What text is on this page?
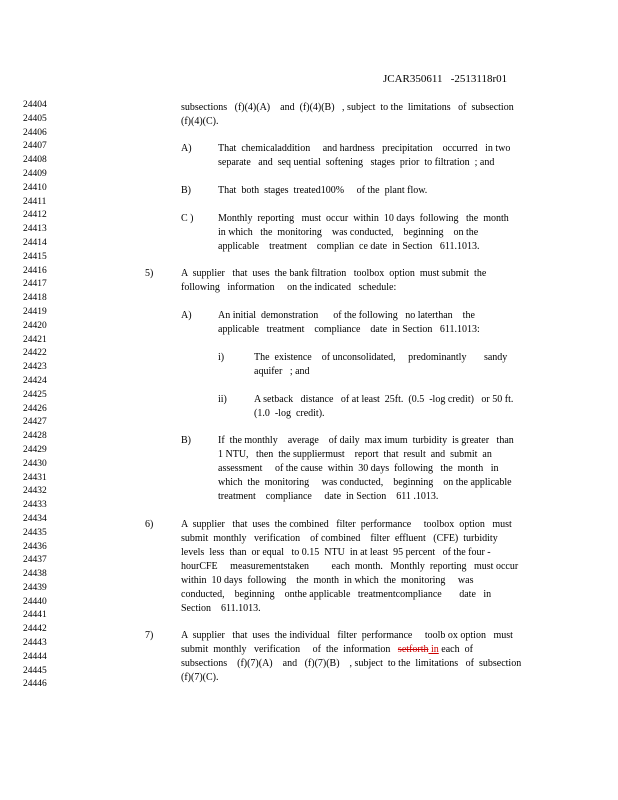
JCAR350611   -2513118r01
24404
24405
24406
24407
24408
24409
24410
24411
24412
24413
24414
24415
24416
24417
24418
24419
24420
24421
24422
24423
24424
24425
24426
24427
24428
24429
24430
24431
24432
24433
24434
24435
24436
24437
24438
24439
24440
24441
24442
24443
24444
24445
24446
subsections   (f)(4)(A)    and  (f)(4)(B)   , subject  to the  limitations   of  subsection
(f)(4)(C).
A)	That  chemicaladdition     and hardness   precipitation    occurred   in two
separate   and  seq uential  softening   stages  prior  to filtration  ; and
B)	That  both  stages  treated100%     of the  plant flow.
C ) Monthly  reporting   must  occur  within  10 days  following   the  month
in which   the  monitoring    was conducted,    beginning    on the
applicable    treatment    complian  ce date  in Section   611.1013.
5)	A  supplier   that  uses  the bank filtration   toolbox  option  must submit  the
following   information     on the indicated   schedule:
A)	An initial  demonstration      of the following   no laterthan    the
applicable   treatment    compliance    date  in Section   611.1013:
i)	The  existence    of unconsolidated,     predominantly       sandy
aquifer   ; and
ii)	A setback   distance   of at least  25ft.  (0.5  -log credit)   or 50 ft.
(1.0  -log  credit).
B)	If  the monthly    average    of daily  max imum  turbidity  is greater   than
1 NTU,   then  the suppliermust    report  that  result  and  submit  an
assessment     of the cause  within  30 days  following   the  month   in
which  the  monitoring     was conducted,    beginning    on the applicable
treatment    compliance     date  in Section    611 .1013.
6)	A  supplier   that  uses  the combined   filter  performance     toolbox  option   must
submit  monthly   verification    of combined    filter  effluent   (CFE)  turbidity
levels  less  than  or equal   to 0.15  NTU  in at least  95 percent   of the four -
hourCFE     measurementstaken         each  month.   Monthly  reporting   must occur
within  10 days  following    the  month  in which  the  monitoring     was
conducted,    beginning    onthe applicable   treatmentcompliance       date   in
Section    611.1013.
7)	A  supplier   that  uses  the individual   filter  performance     toolb ox option   must
submit  monthly   verification     of  the  information   setforth in each  of
subsections    (f)(7)(A)    and   (f)(7)(B)    , subject  to the  limitations   of  subsection
(f)(7)(C).
